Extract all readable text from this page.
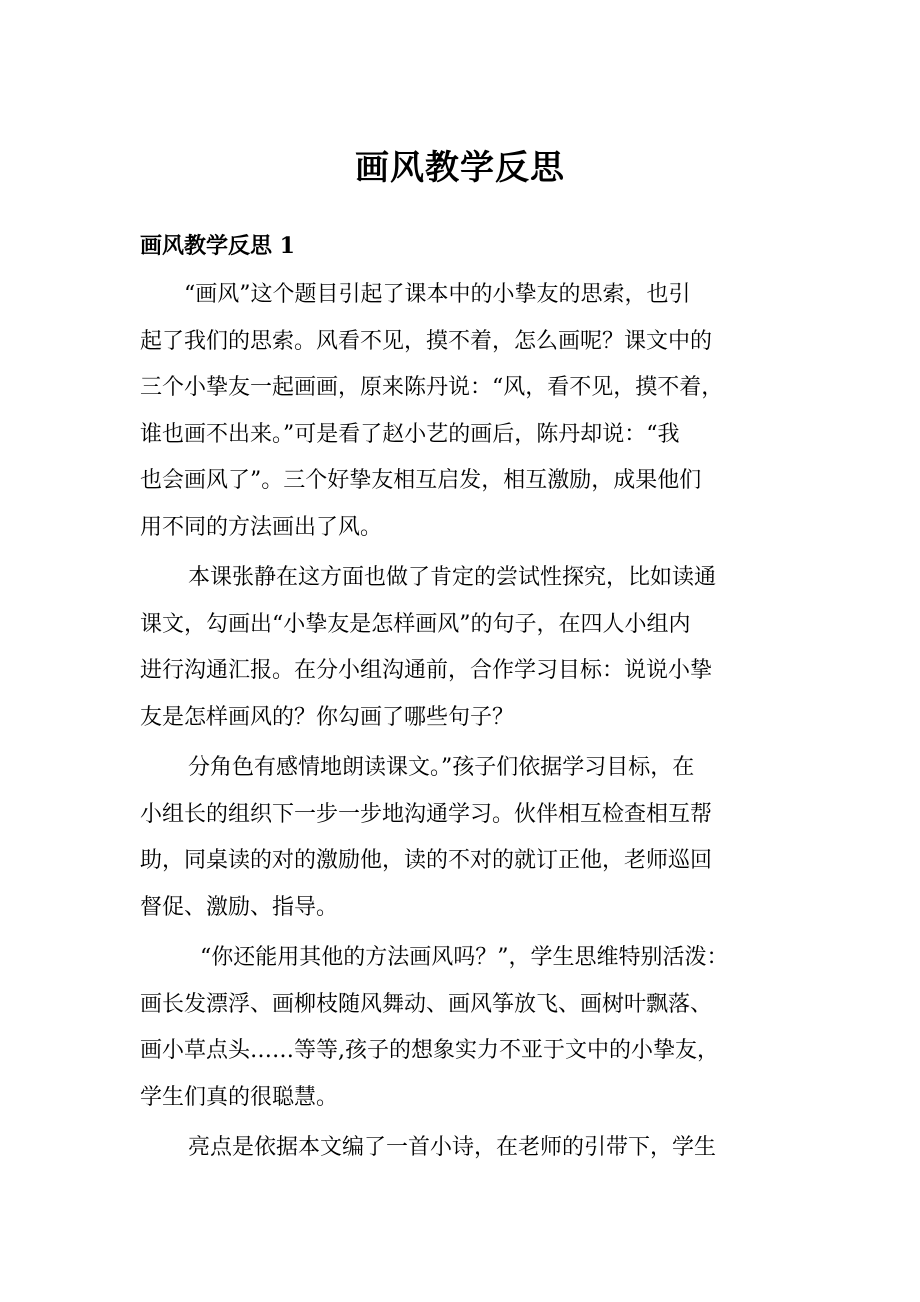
画风教学反思
画风教学反思 1

“画风”这个题目引起了课本中的小挚友的思索，也引
起了我们的思索。风看不见，摸不着，怎么画呢？课文中的
三个小挚友一起画画，原来陈丹说：“风，看不见，摸不着，
谁也画不出来。”可是看了赵小艺的画后，陈丹却说：“我
也会画风了”。三个好挚友相互启发，相互激励，成果他们
用不同的方法画出了风。

本课张静在这方面也做了肯定的尝试性探究，比如读通
课文，勾画出“小挚友是怎样画风”的句子，在四人小组内
进行沟通汇报。在分小组沟通前，合作学习目标：说说小挚
友是怎样画风的？你勾画了哪些句子？

分角色有感情地朗读课文。”孩子们依据学习目标，在
小组长的组织下一步一步地沟通学习。伙伴相互检查相互帮
助，同桌读的对的激励他，读的不对的就订正他，老师巡回
督促、激励、指导。

“你还能用其他的方法画风吗？”，学生思维特别活泼：
画长发漂浮、画柳枝随风舞动、画风筝放飞、画树叶飘落、
画小草点头……等等,孩子的想象实力不亚于文中的小挚友，
学生们真的很聪慧。

亮点是依据本文编了一首小诗，在老师的引带下，学生
